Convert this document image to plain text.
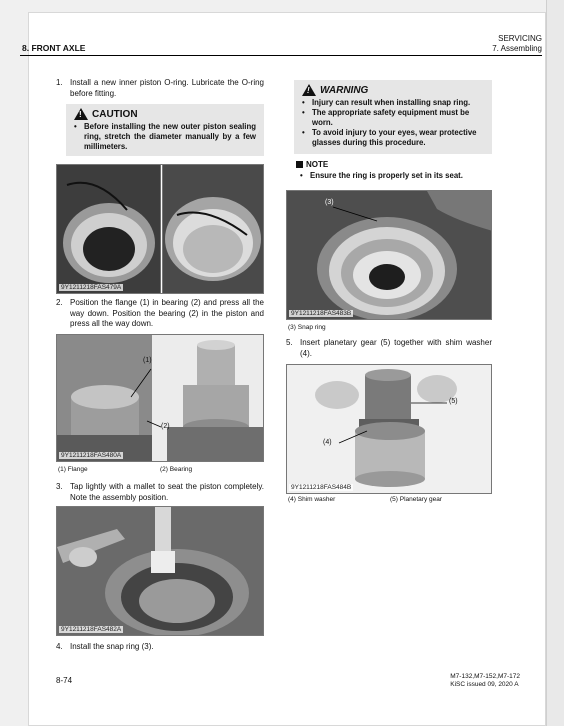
8. FRONT AXLE
SERVICING
7. Assembling
1. Install a new inner piston O-ring. Lubricate the O-ring before fitting.
!
CAUTION
• Before installing the new outer piston sealing ring, stretch the diameter manually by a few millimeters.
9Y1211218FAS479A
2. Position the flange (1) in bearing (2) and press all the way down. Position the bearing (2) in the piston and press all the way down.
(1)
(2)
9Y1211218FAS480A
(1) Flange	(2) Bearing
3. Tap lightly with a mallet to seat the piston completely. Note the assembly position.
9Y1211218FAS482A
4. Install the snap ring (3).
!
WARNING
• Injury can result when installing snap ring.
• The appropriate safety equipment must be worn.
• To avoid injury to your eyes, wear protective glasses during this procedure.
NOTE
• Ensure the ring is properly set in its seat.
(3)
9Y1211218FAS483B
(3) Snap ring
5. Insert planetary gear (5) together with shim washer (4).
(5)
(4)
9Y1211218FAS484B
(4) Shim washer	(5) Planetary gear
8-74	M7-132,M7-152,M7-172
KiSC issued 09, 2020 A
